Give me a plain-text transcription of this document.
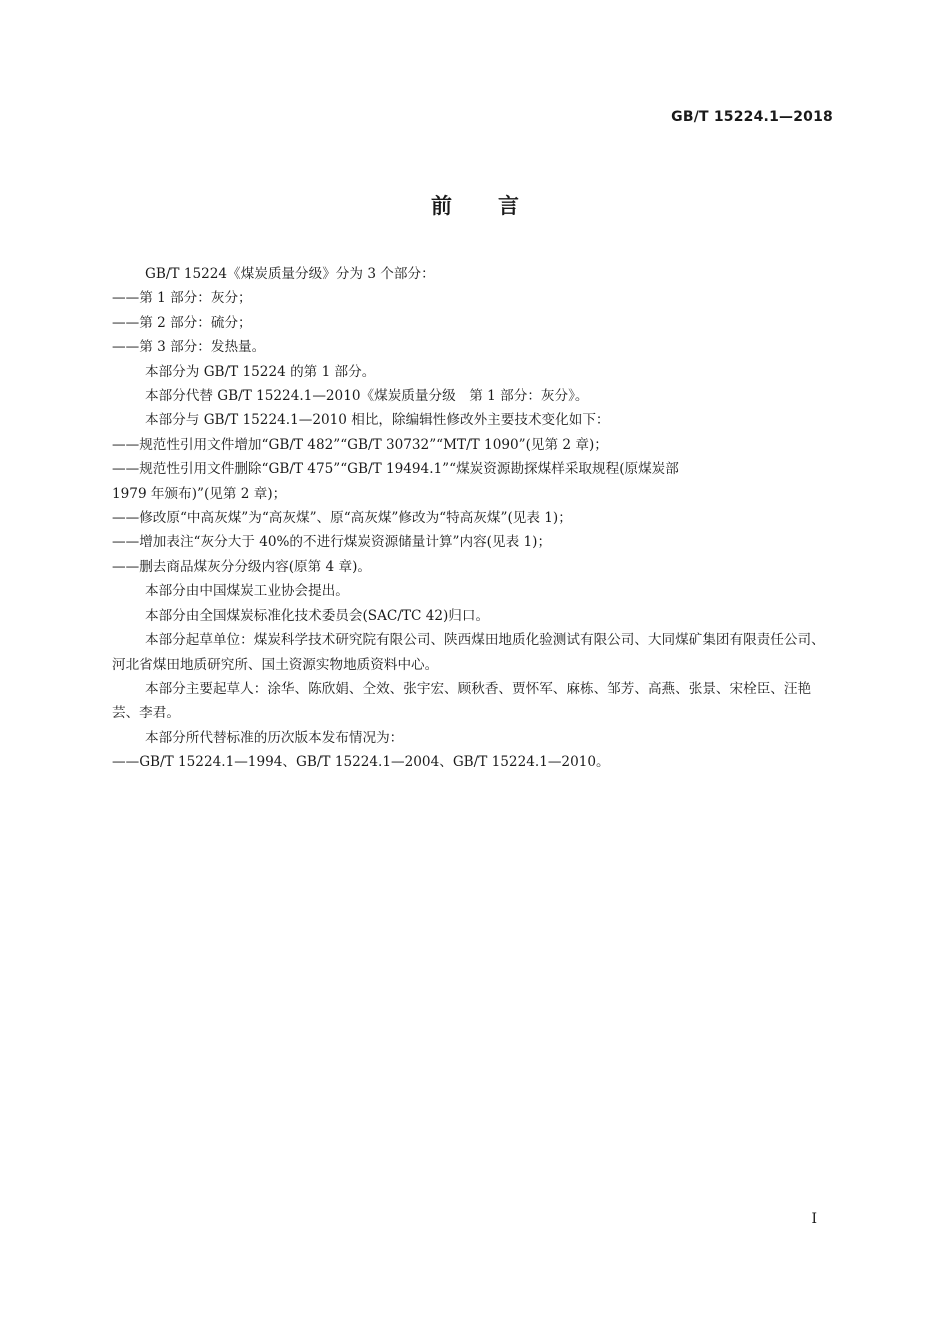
GB/T 15224.1—2018
前言

GB/T 15224《煤炭质量分级》分为 3 个部分：

——第 1 部分：灰分；

——第 2 部分：硫分；

——第 3 部分：发热量。

本部分为 GB/T 15224 的第 1 部分。

本部分代替 GB/T 15224.1—2010《煤炭质量分级　第 1 部分：灰分》。

本部分与 GB/T 15224.1—2010 相比，除编辑性修改外主要技术变化如下：

——规范性引用文件增加“GB/T 482”“GB/T 30732”“MT/T 1090”(见第 2 章)；

——规范性引用文件删除“GB/T 475”“GB/T 19494.1”“煤炭资源勘探煤样采取规程(原煤炭部

1979 年颁布)”(见第 2 章)；

——修改原“中高灰煤”为“高灰煤”、原“高灰煤”修改为“特高灰煤”(见表 1)；

——增加表注“灰分大于 40%的不进行煤炭资源储量计算”内容(见表 1)；

——删去商品煤灰分分级内容(原第 4 章)。

本部分由中国煤炭工业协会提出。

本部分由全国煤炭标准化技术委员会(SAC/TC 42)归口。

本部分起草单位：煤炭科学技术研究院有限公司、陕西煤田地质化验测试有限公司、大同煤矿集团有限责任公司、河北省煤田地质研究所、国土资源实物地质资料中心。

本部分主要起草人：涂华、陈欣娟、仝效、张宇宏、顾秋香、贾怀军、麻栋、邹芳、高燕、张景、宋栓臣、汪艳芸、李君。

本部分所代替标准的历次版本发布情况为：

——GB/T 15224.1—1994、GB/T 15224.1—2004、GB/T 15224.1—2010。

I
